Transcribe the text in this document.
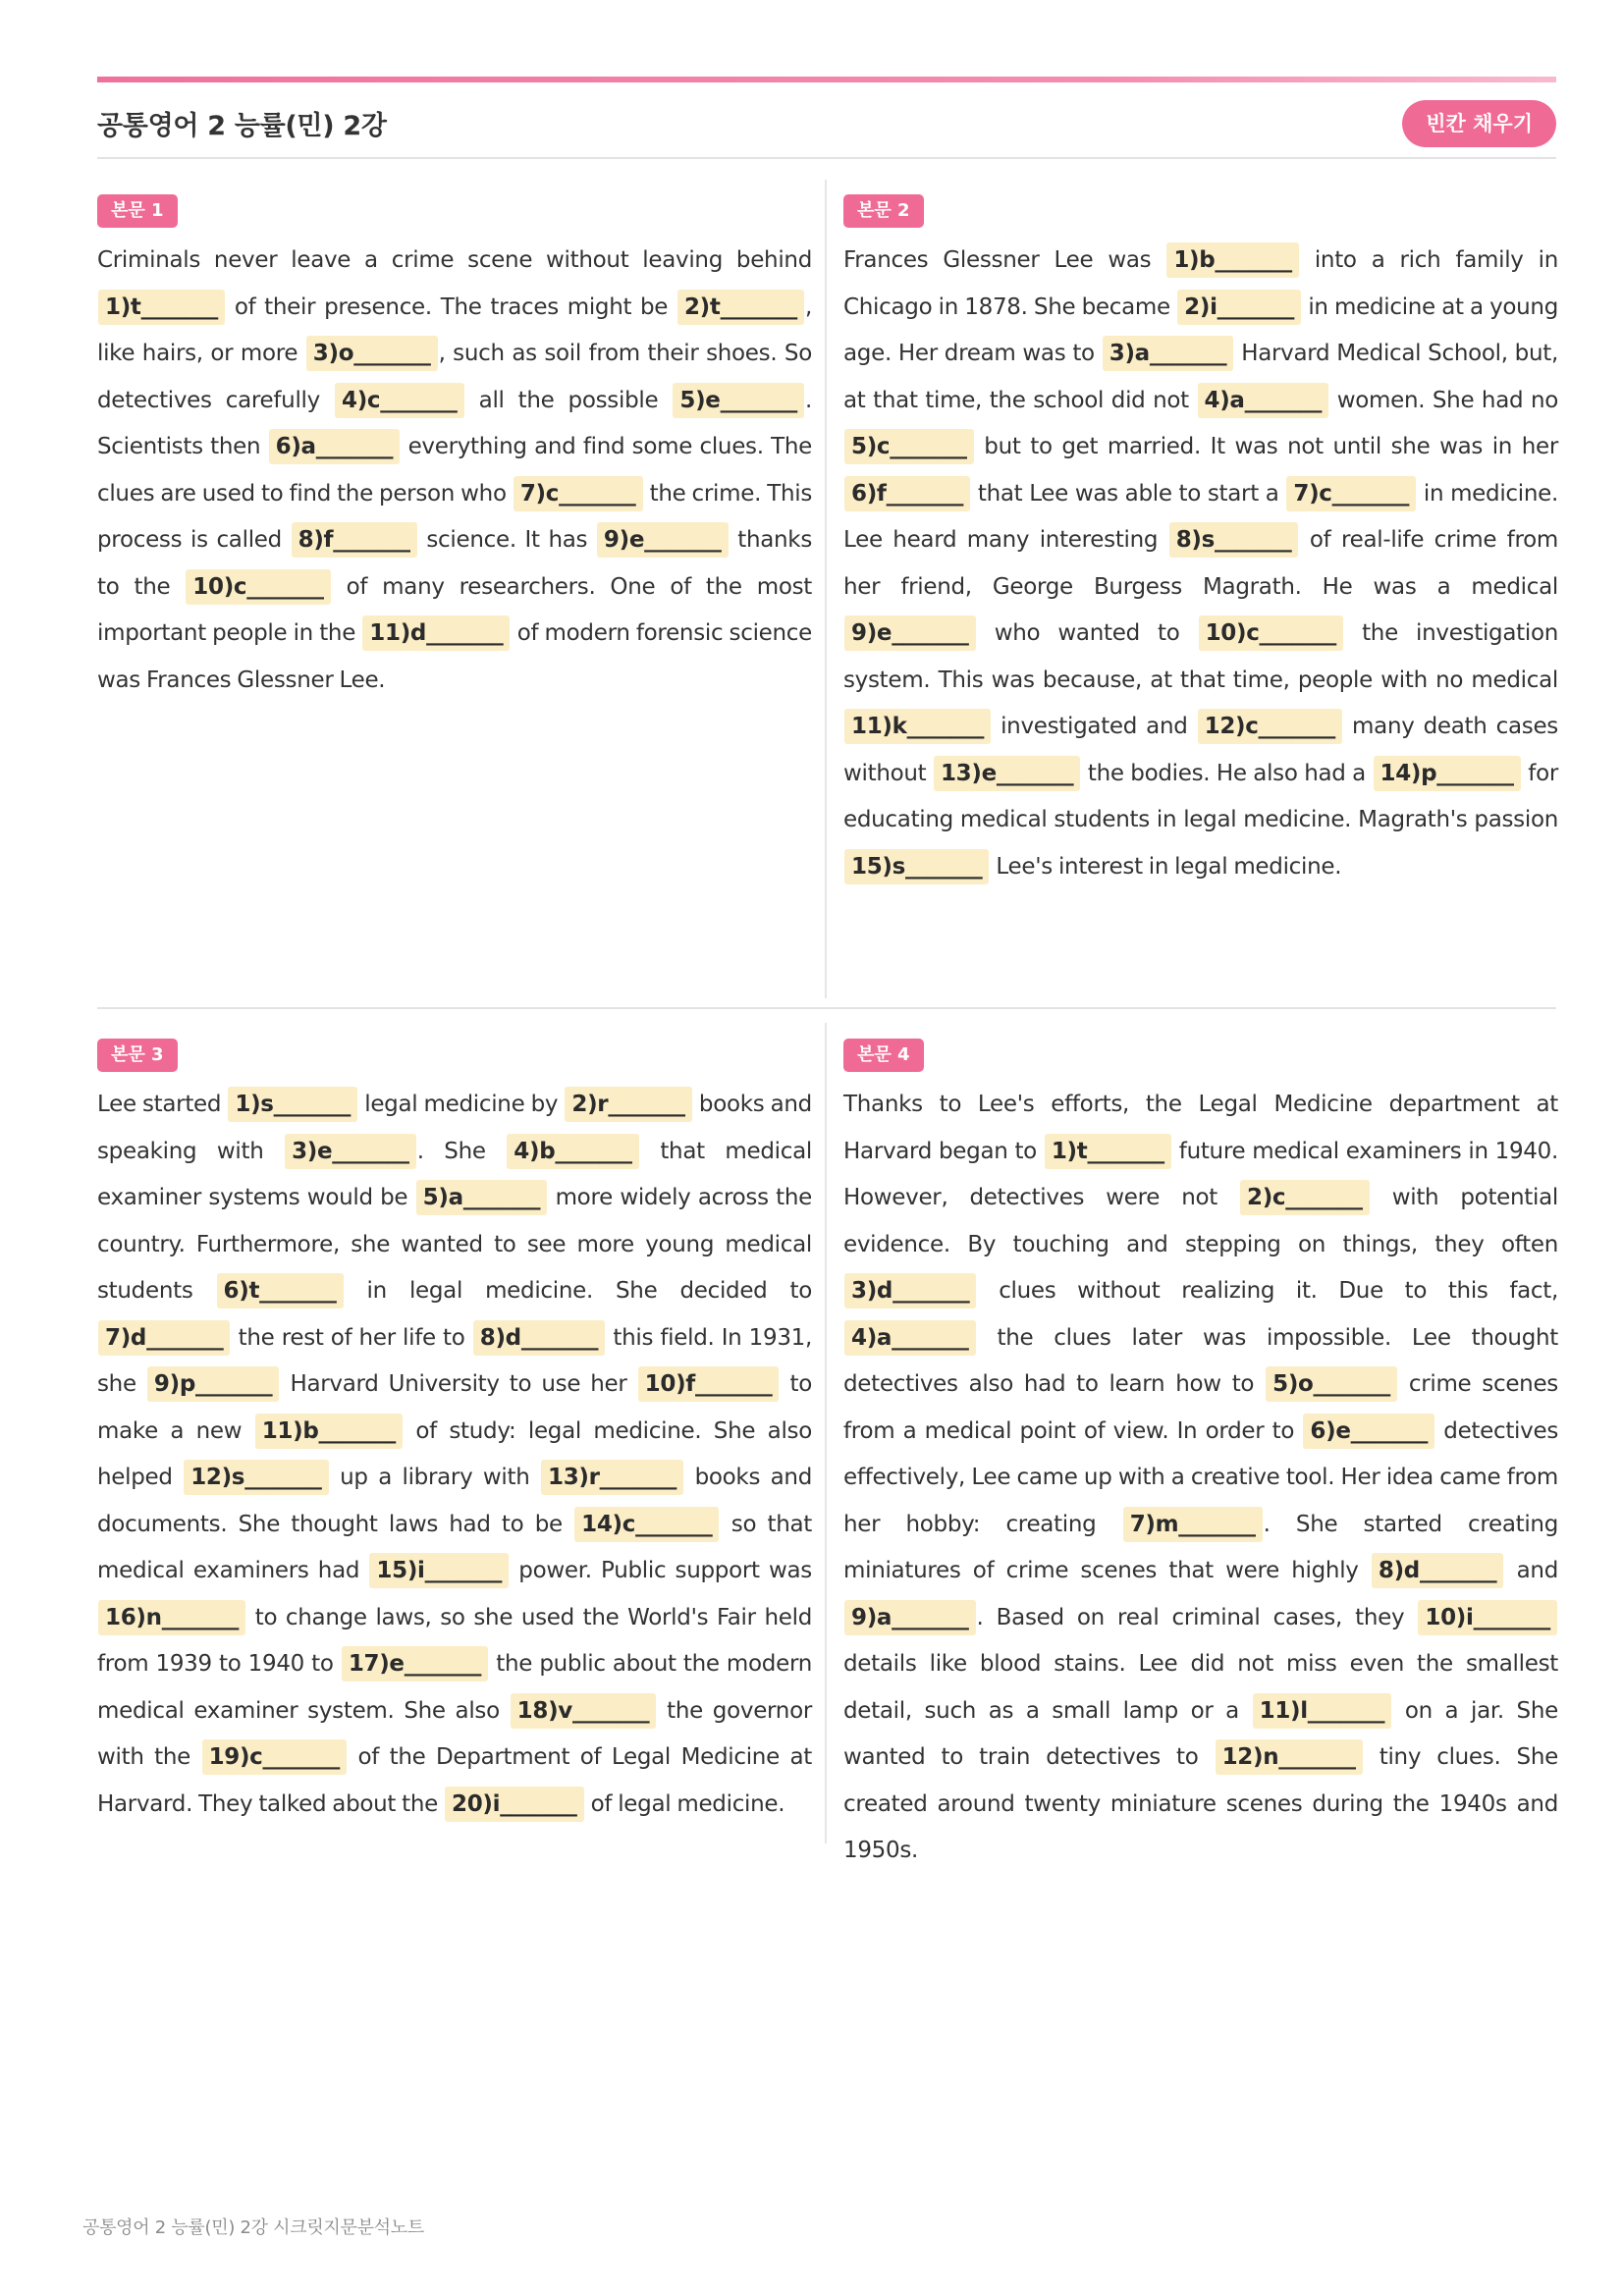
공통영어 2 능률(민) 2강	빈칸 채우기
본문 1

Criminals never leave a crime scene without leaving behind 1)t_______ of their presence. The traces might be 2)t_______ , like hairs, or more 3)o_______ , such as soil from their shoes. So detectives carefully 4)c_______ all the possible 5)e_______ . Scientists then 6)a_______ everything and find some clues. The clues are used to find the person who 7)c_______ the crime. This process is called 8)f_______ science. It has 9)e_______ thanks to the 10)c_______ of many researchers. One of the most important people in the 11)d_______ of modern forensic science was Frances Glessner Lee.

본문 2

Frances Glessner Lee was 1)b_______ into a rich family in Chicago in 1878. She became 2)i_______ in medicine at a young age. Her dream was to 3)a_______ Harvard Medical School, but, at that time, the school did not 4)a_______ women. She had no 5)c_______ but to get married. It was not until she was in her 6)f_______ that Lee was able to start a 7)c_______ in medicine. Lee heard many interesting 8)s_______ of real-life crime from her friend, George Burgess Magrath. He was a medical 9)e_______ who wanted to 10)c_______ the investigation system. This was because, at that time, people with no medical 11)k_______ investigated and 12)c_______ many death cases without 13)e_______ the bodies. He also had a 14)p_______ for educating medical students in legal medicine. Magrath's passion 15)s_______ Lee's interest in legal medicine.

본문 3

Lee started 1)s_______ legal medicine by 2)r_______ books and speaking with 3)e_______ . She 4)b_______ that medical examiner systems would be 5)a_______ more widely across the country. Furthermore, she wanted to see more young medical students 6)t_______ in legal medicine. She decided to 7)d_______ the rest of her life to 8)d_______ this field. In 1931, she 9)p_______ Harvard University to use her 10)f_______ to make a new 11)b_______ of study: legal medicine. She also helped 12)s_______ up a library with 13)r_______ books and documents. She thought laws had to be 14)c_______ so that medical examiners had 15)i_______ power. Public support was 16)n_______ to change laws, so she used the World's Fair held from 1939 to 1940 to 17)e_______ the public about the modern medical examiner system. She also 18)v_______ the governor with the 19)c_______ of the Department of Legal Medicine at Harvard. They talked about the 20)i_______ of legal medicine.

본문 4

Thanks to Lee's efforts, the Legal Medicine department at Harvard began to 1)t_______ future medical examiners in 1940. However, detectives were not 2)c_______ with potential evidence. By touching and stepping on things, they often 3)d_______ clues without realizing it. Due to this fact, 4)a_______ the clues later was impossible. Lee thought detectives also had to learn how to 5)o_______ crime scenes from a medical point of view. In order to 6)e_______ detectives effectively, Lee came up with a creative tool. Her idea came from her hobby: creating 7)m_______ . She started creating miniatures of crime scenes that were highly 8)d_______ and 9)a_______ . Based on real criminal cases, they 10)i_______ details like blood stains. Lee did not miss even the smallest detail, such as a small lamp or a 11)l_______ on a jar. She wanted to train detectives to 12)n_______ tiny clues. She created around twenty miniature scenes during the 1940s and 1950s.

공통영어 2 능률(민) 2강 시크릿지문분석노트
